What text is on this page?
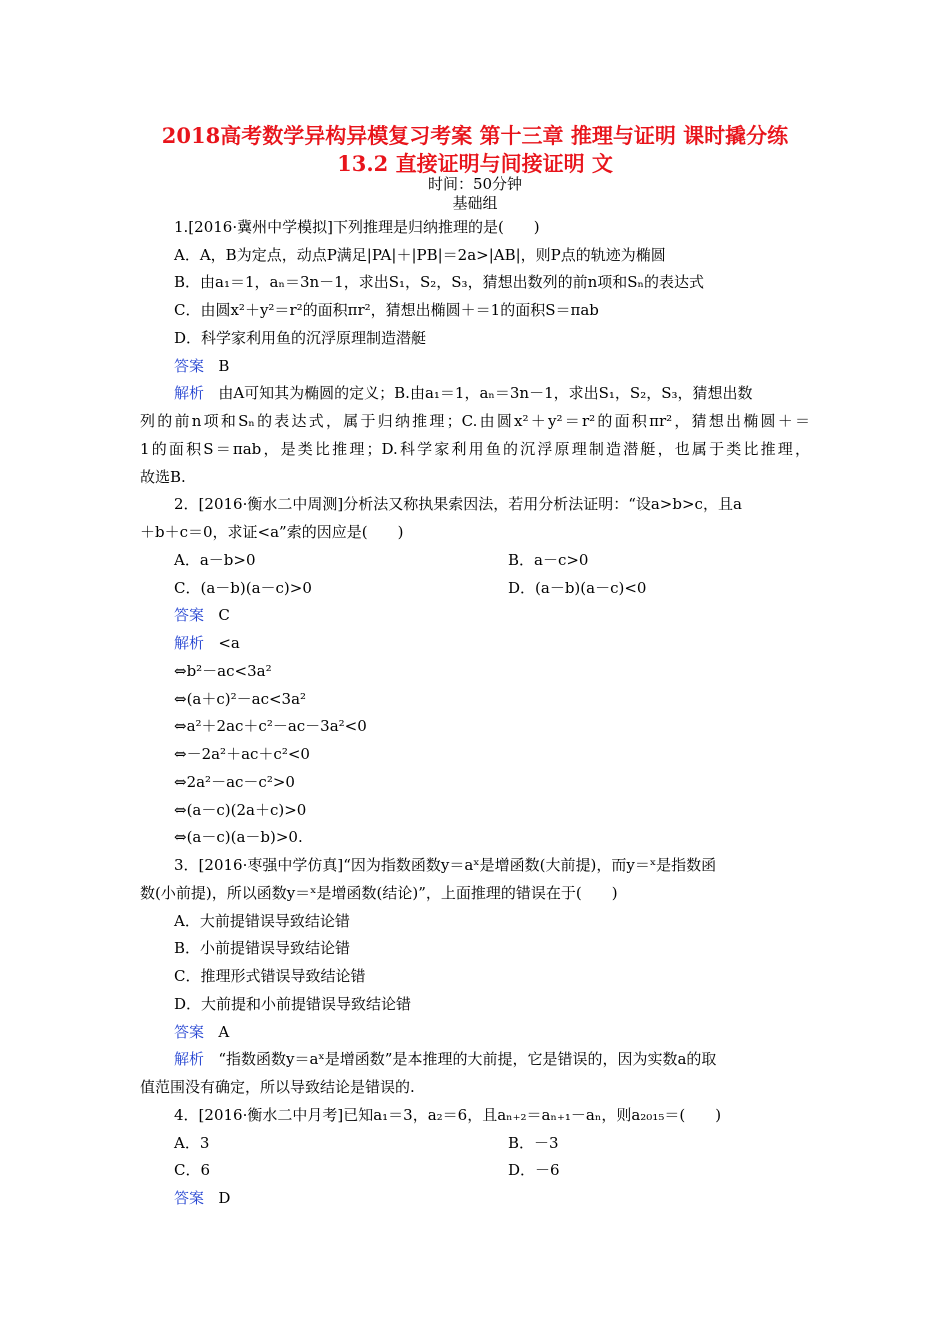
2018高考数学异构异模复习考案 第十三章 推理与证明 课时撬分练
13.2 直接证明与间接证明 文
时间：50分钟
基础组
1.[2016·冀州中学模拟]下列推理是归纳推理的是(　　)
A．A，B为定点，动点P满足|PA|＋|PB|＝2a>|AB|，则P点的轨迹为椭圆
B．由a₁＝1，aₙ＝3n－1，求出S₁，S₂，S₃，猜想出数列的前n项和Sₙ的表达式
C．由圆x²＋y²＝r²的面积πr²，猜想出椭圆＋＝1的面积S＝πab
D．科学家利用鱼的沉浮原理制造潜艇
答案 B
解析 由A可知其为椭圆的定义；B.由a₁＝1，aₙ＝3n－1，求出S₁，S₂，S₃，猜想出数
列的前n项和Sₙ的表达式，属于归纳推理；C.由圆x²＋y²＝r²的面积πr²，猜想出椭圆＋＝
1的面积S＝πab，是类比推理；D.科学家利用鱼的沉浮原理制造潜艇，也属于类比推理，
故选B.
2．[2016·衡水二中周测]分析法又称执果索因法，若用分析法证明：“设a>b>c，且a
＋b＋c＝0，求证<a”索的因应是(　　)
A．a－b>0	B．a－c>0
C．(a－b)(a－c)>0	D．(a－b)(a－c)<0
答案 C
解析 <a
⇔b²－ac<3a²
⇔(a＋c)²－ac<3a²
⇔a²＋2ac＋c²－ac－3a²<0
⇔－2a²＋ac＋c²<0
⇔2a²－ac－c²>0
⇔(a－c)(2a＋c)>0
⇔(a－c)(a－b)>0.
3．[2016·枣强中学仿真]“因为指数函数y＝aˣ是增函数(大前提)，而y＝ˣ是指数函
数(小前提)，所以函数y＝ˣ是增函数(结论)”，上面推理的错误在于(　　)
A．大前提错误导致结论错
B．小前提错误导致结论错
C．推理形式错误导致结论错
D．大前提和小前提错误导致结论错
答案 A
解析 “指数函数y＝aˣ是增函数”是本推理的大前提，它是错误的，因为实数a的取
值范围没有确定，所以导致结论是错误的.
4．[2016·衡水二中月考]已知a₁＝3，a₂＝6，且aₙ₊₂＝aₙ₊₁－aₙ，则a₂₀₁₅＝(　　)
A．3	B．－3
C．6	D．－6
答案 D
